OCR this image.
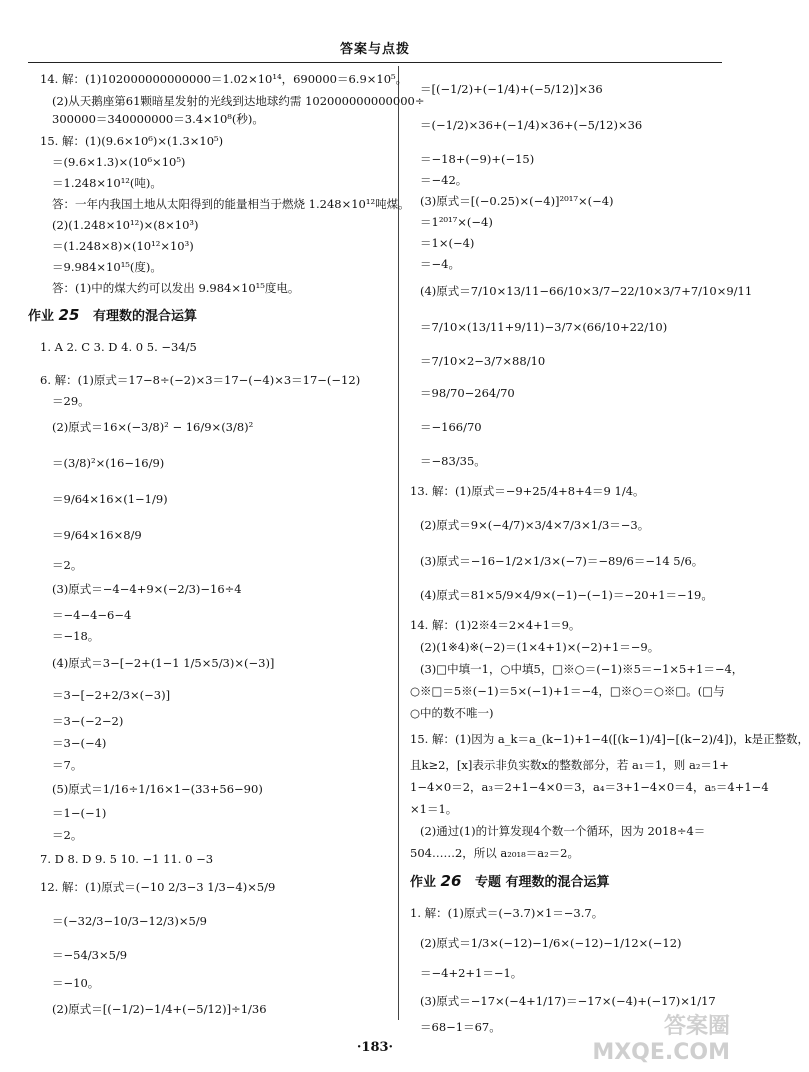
答案与点拨
14. 解：(1)102000000000000＝1.02×10¹⁴，690000＝6.9×10⁵。
(2)从天鹅座第61颗暗星发射的光线到达地球约需 102000000000000÷
300000＝340000000＝3.4×10⁸(秒)。
15. 解：(1)(9.6×10⁶)×(1.3×10⁵)
＝(9.6×1.3)×(10⁶×10⁵)
＝1.248×10¹²(吨)。
答：一年内我国土地从太阳得到的能量相当于燃烧 1.248×10¹²吨煤。
(2)(1.248×10¹²)×(8×10³)
＝(1.248×8)×(10¹²×10³)
＝9.984×10¹⁵(度)。
答：(1)中的煤大约可以发出 9.984×10¹⁵度电。
作业 25 有理数的混合运算
1. A 2. C 3. D 4. 0 5. −34/5
6. 解：(1)原式＝17−8÷(−2)×3＝17−(−4)×3＝17−(−12)
＝29。
(2)原式＝16×(−3/8)² − 16/9×(3/8)²
＝(3/8)²×(16−16/9)
＝9/64×16×(1−1/9)
＝9/64×16×8/9
＝2。
(3)原式＝−4−4+9×(−2/3)−16÷4
＝−4−4−6−4
＝−18。
(4)原式＝3−[−2+(1−1 1/5×5/3)×(−3)]
＝3−[−2+2/3×(−3)]
＝3−(−2−2)
＝3−(−4)
＝7。
(5)原式＝1/16÷1/16×1−(33+56−90)
＝1−(−1)
＝2。
7. D 8. D 9. 5 10. −1 11. 0 −3
12. 解：(1)原式＝(−10 2/3−3 1/3−4)×5/9
＝(−32/3−10/3−12/3)×5/9
＝−54/3×5/9
＝−10。
(2)原式＝[(−1/2)−1/4+(−5/12)]÷1/36
＝[(−1/2)+(−1/4)+(−5/12)]×36
＝(−1/2)×36+(−1/4)×36+(−5/12)×36
＝−18+(−9)+(−15)
＝−42。
(3)原式＝[(−0.25)×(−4)]²⁰¹⁷×(−4)
＝1²⁰¹⁷×(−4)
＝1×(−4)
＝−4。
(4)原式＝7/10×13/11−66/10×3/7−22/10×3/7+7/10×9/11
＝7/10×(13/11+9/11)−3/7×(66/10+22/10)
＝7/10×2−3/7×88/10
＝98/70−264/70
＝−166/70
＝−83/35。
13. 解：(1)原式＝−9+25/4+8+4＝9 1/4。
(2)原式＝9×(−4/7)×3/4×7/3×1/3＝−3。
(3)原式＝−16−1/2×1/3×(−7)＝−89/6＝−14 5/6。
(4)原式＝81×5/9×4/9×(−1)−(−1)＝−20+1＝−19。
14. 解：(1)2※4＝2×4+1＝9。
(2)(1※4)※(−2)＝(1×4+1)×(−2)+1＝−9。
(3)□中填一1，○中填5，□※○＝(−1)※5＝−1×5+1＝−4，
○※□＝5※(−1)＝5×(−1)+1＝−4，□※○＝○※□。(□与
○中的数不唯一)
15. 解：(1)因为 a_k＝a_(k−1)+1−4([(k−1)/4]−[(k−2)/4])，k是正整数，
且k≥2，[x]表示非负实数x的整数部分，若 a₁＝1，则 a₂＝1+
1−4×0＝2，a₃＝2+1−4×0＝3，a₄＝3+1−4×0＝4，a₅＝4+1−4
×1＝1。
(2)通过(1)的计算发现4个数一个循环，因为 2018÷4＝
504……2，所以 a₂₀₁₈＝a₂＝2。
作业 26 专题 有理数的混合运算
1. 解：(1)原式＝(−3.7)×1＝−3.7。
(2)原式＝1/3×(−12)−1/6×(−12)−1/12×(−12)
＝−4+2+1＝−1。
(3)原式＝−17×(−4+1/17)＝−17×(−4)+(−17)×1/17
＝68−1＝67。
·183·
答案圈
MXQE.COM
